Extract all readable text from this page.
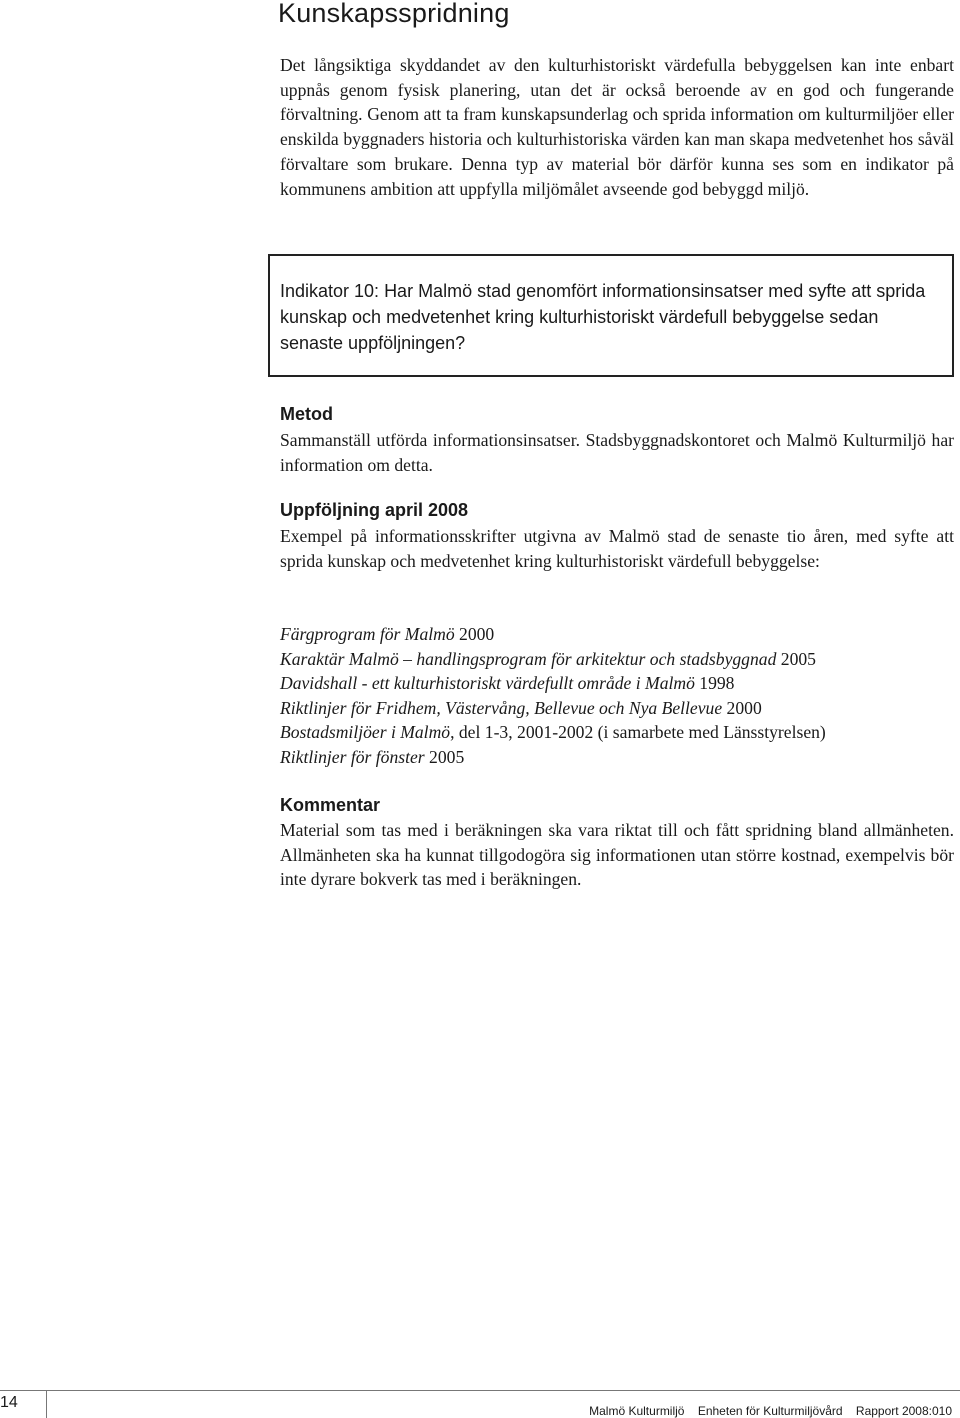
Kunskapsspridning

Det långsiktiga skyddandet av den kulturhistoriskt värdefulla bebyggelsen kan inte enbart uppnås genom fysisk planering, utan det är också beroende av en god och fungerande förvaltning. Genom att ta fram kunskapsunderlag och sprida information om kulturmiljöer eller enskilda byggnaders historia och kulturhistoriska värden kan man skapa medvetenhet hos såväl förvaltare som brukare. Denna typ av material bör därför kunna ses som en indikator på kommunens ambition att uppfylla miljömålet avseende god bebyggd miljö.

Indikator 10: Har Malmö stad genomfört informationsinsatser med syfte att sprida kunskap och medvetenhet kring kulturhistoriskt värdefull bebyggelse sedan senaste uppföljningen?

Metod

Sammanställ utförda informationsinsatser. Stadsbyggnadskontoret och Malmö Kulturmiljö har information om detta.

Uppföljning april 2008

Exempel på informationsskrifter utgivna av Malmö stad de senaste tio åren, med syfte att sprida kunskap och medvetenhet kring kulturhistoriskt värdefull bebyggelse:

Färgprogram för Malmö 2000
Karaktär Malmö – handlingsprogram för arkitektur och stadsbyggnad 2005
Davidshall - ett kulturhistoriskt värdefullt område i Malmö 1998
Riktlinjer för Fridhem, Västervång, Bellevue och Nya Bellevue 2000
Bostadsmiljöer i Malmö, del 1-3, 2001-2002 (i samarbete med Länsstyrelsen)
Riktlinjer för fönster 2005
Kommentar

Material som tas med i beräkningen ska vara riktat till och fått spridning bland allmänheten. Allmänheten ska ha kunnat tillgodogöra sig informationen utan större kostnad, exempelvis bör inte dyrare bokverk tas med i beräkningen.

14	Malmö Kulturmiljö Enheten för Kulturmiljövård Rapport 2008:010
